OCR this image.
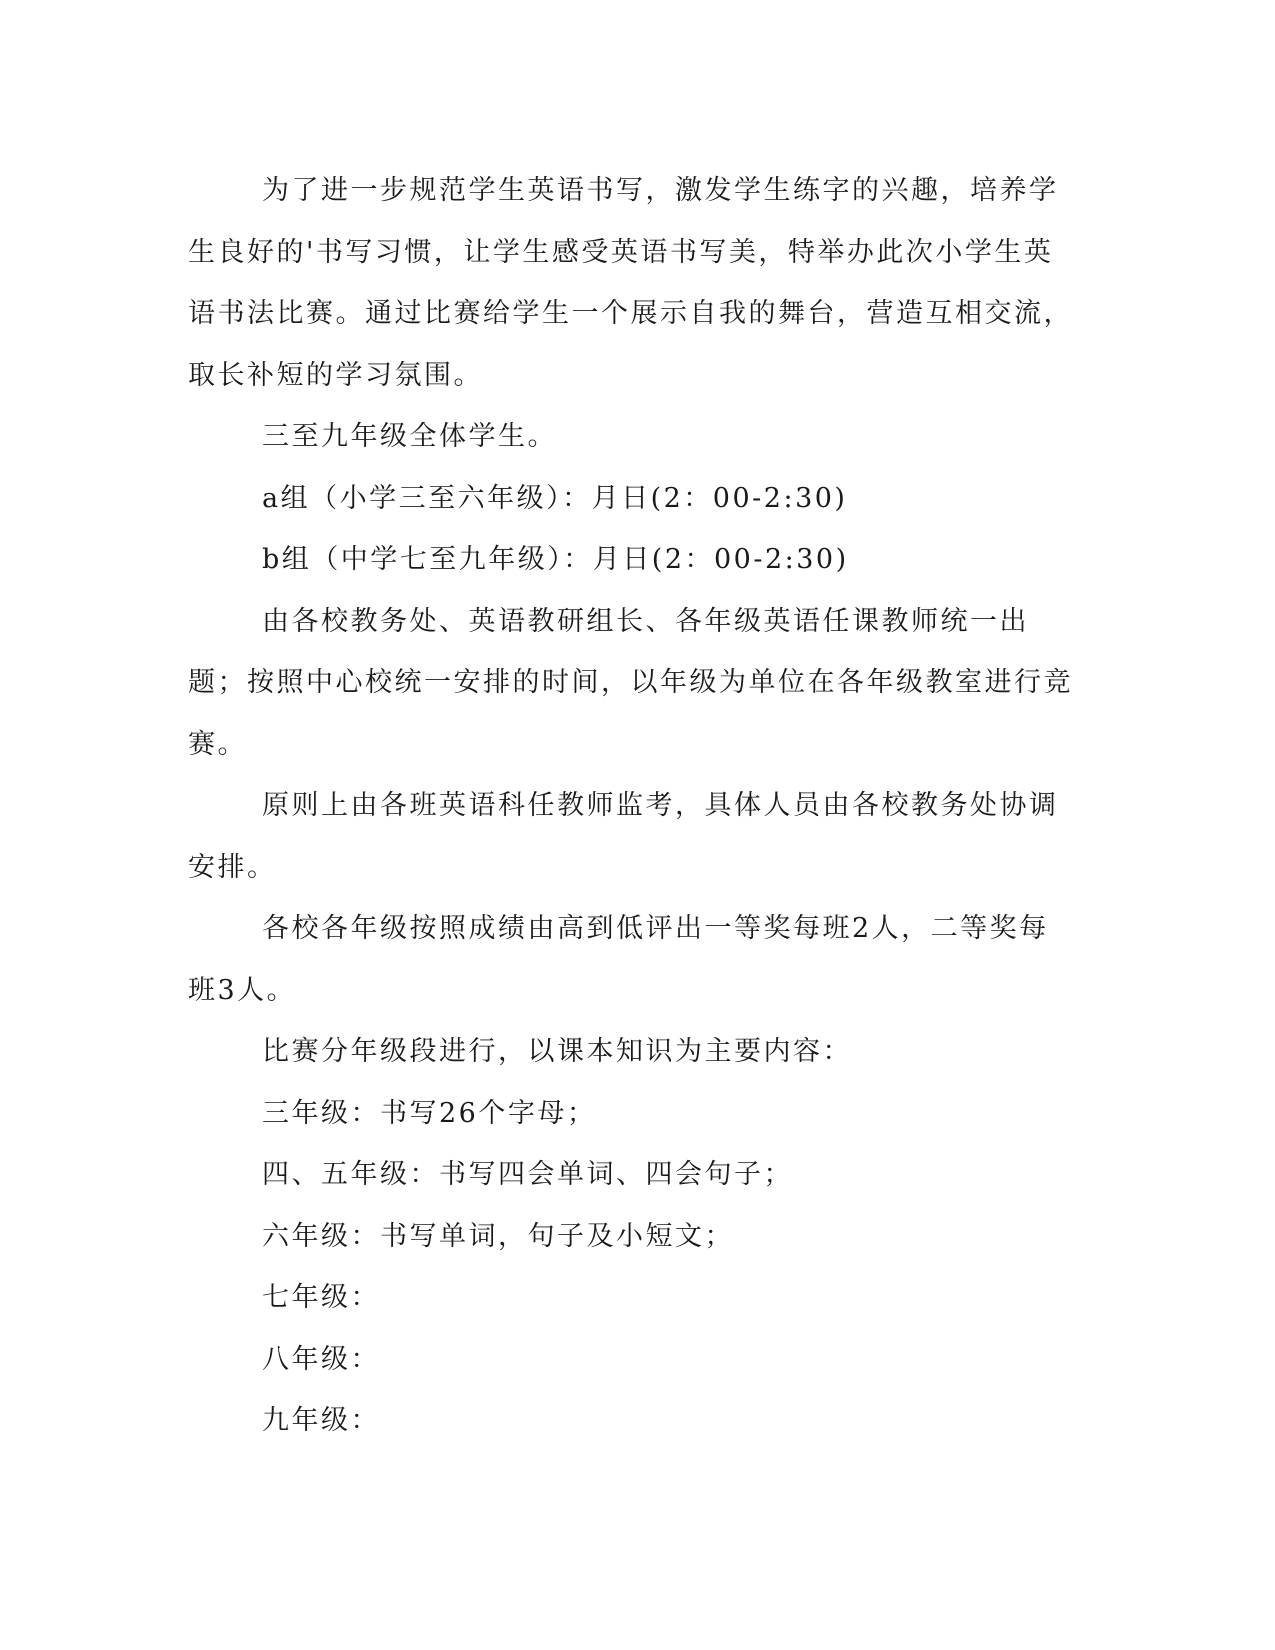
为了进一步规范学生英语书写，激发学生练字的兴趣，培养学生良好的'书写习惯，让学生感受英语书写美，特举办此次小学生英语书法比赛。通过比赛给学生一个展示自我的舞台，营造互相交流，取长补短的学习氛围。

三至九年级全体学生。

a组（小学三至六年级）：月日(2：00-2:30)

b组（中学七至九年级）：月日(2：00-2:30)

由各校教务处、英语教研组长、各年级英语任课教师统一出题；按照中心校统一安排的时间，以年级为单位在各年级教室进行竞赛。

原则上由各班英语科任教师监考，具体人员由各校教务处协调安排。

各校各年级按照成绩由高到低评出一等奖每班2人，二等奖每班3人。

比赛分年级段进行，以课本知识为主要内容：

三年级：书写26个字母；

四、五年级：书写四会单词、四会句子；

六年级：书写单词，句子及小短文；

七年级：

八年级：

九年级：
